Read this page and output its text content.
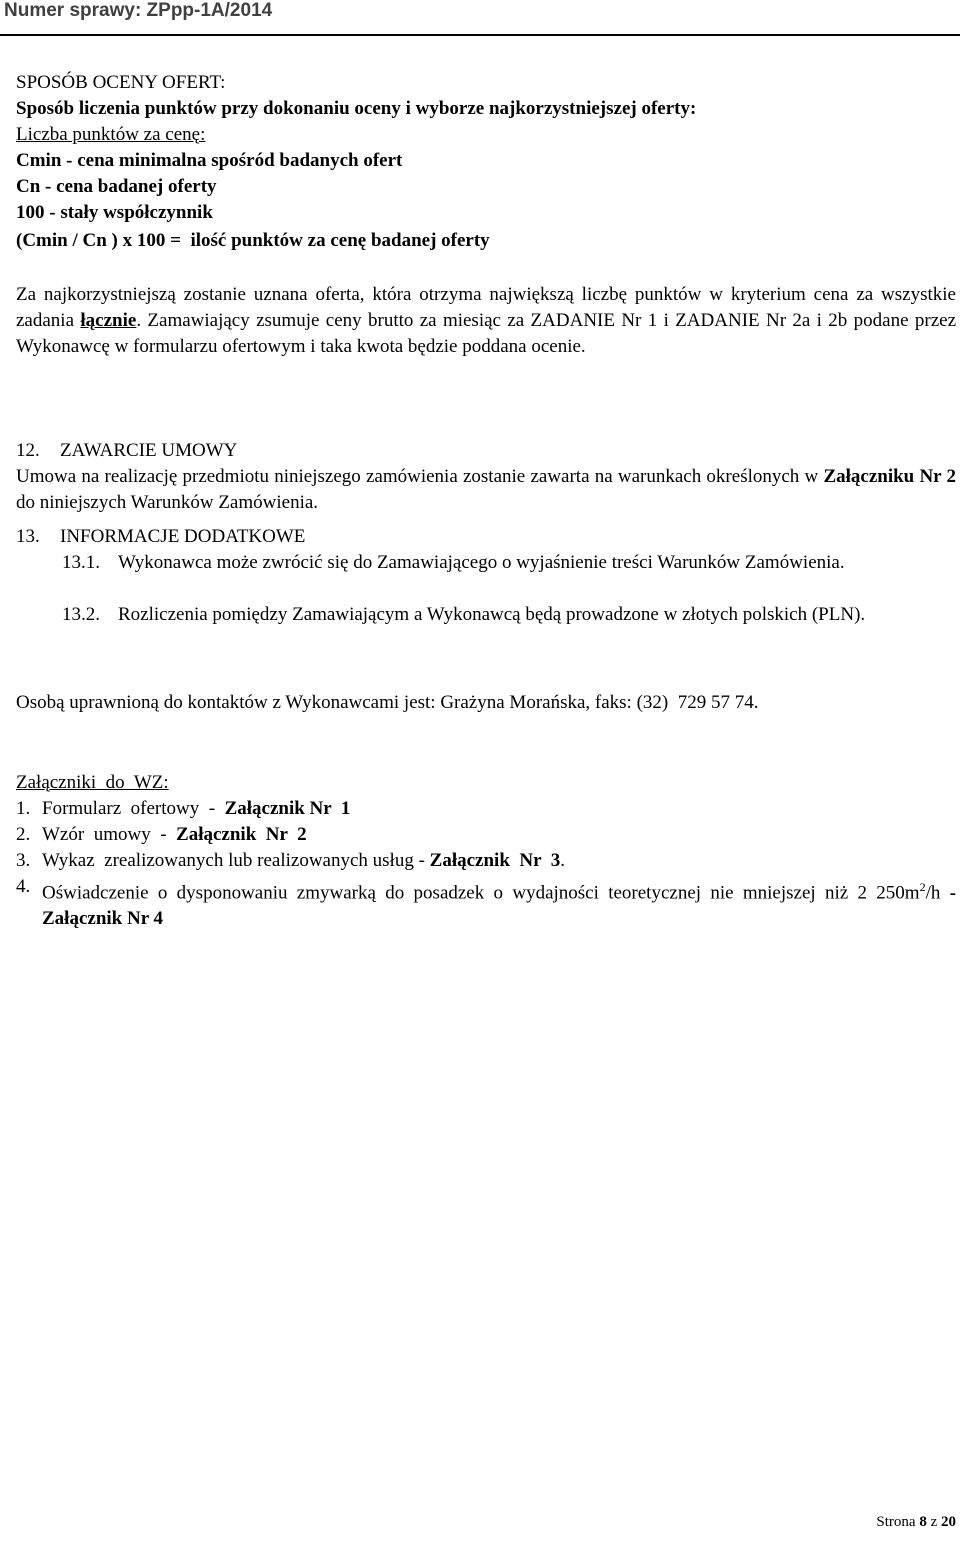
Numer sprawy: ZPpp-1A/2014
SPOSÓB OCENY OFERT:
Sposób liczenia punktów przy dokonaniu oceny i wyborze najkorzystniejszej oferty:
Liczba punktów za cenę:
Cmin - cena minimalna spośród badanych ofert
Cn - cena badanej oferty
100 - stały współczynnik
(Cmin / Cn ) x 100 =  ilość punktów za cenę badanej oferty
Za najkorzystniejszą zostanie uznana oferta, która otrzyma największą liczbę punktów w kryterium cena za wszystkie zadania łącznie. Zamawiający zsumuje ceny brutto za miesiąc za ZADANIE Nr 1 i ZADANIE Nr 2a i 2b podane przez Wykonawcę w formularzu ofertowym i taka kwota będzie poddana ocenie.
12. ZAWARCIE UMOWY
Umowa na realizację przedmiotu niniejszego zamówienia zostanie zawarta na warunkach określonych w Załączniku Nr 2 do niniejszych Warunków Zamówienia.
13. INFORMACJE DODATKOWE
13.1. Wykonawca może zwrócić się do Zamawiającego o wyjaśnienie treści Warunków Zamówienia.
13.2. Rozliczenia pomiędzy Zamawiającym a Wykonawcą będą prowadzone w złotych polskich (PLN).
Osobą uprawnioną do kontaktów z Wykonawcami jest: Grażyna Morańska, faks: (32)  729 57 74.
Załączniki  do  WZ:
1. Formularz  ofertowy  -  Załącznik Nr  1
2. Wzór  umowy  -  Załącznik  Nr  2
3. Wykaz  zrealizowanych lub realizowanych usług - Załącznik  Nr  3.
4. Oświadczenie o dysponowaniu zmywarką do posadzek o wydajności teoretycznej nie mniejszej niż 2 $250m^2/h$ - Załącznik Nr 4
Strona 8 z 20
